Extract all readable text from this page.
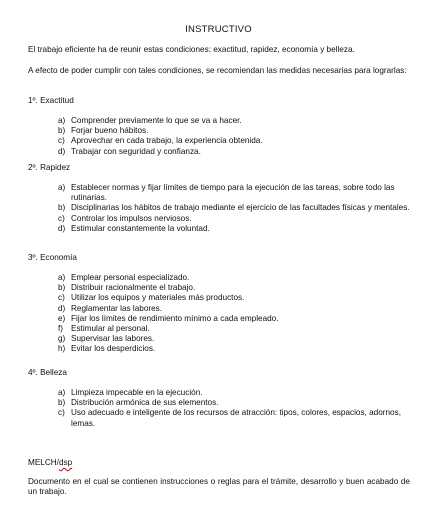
INSTRUCTIVO
El trabajo eficiente ha de reunir estas condiciones: exactitud, rapidez, economía y belleza.
A efecto de poder cumplir con tales condiciones, se recomiendan las medidas necesarias para lograrlas:
1º. Exactitud
a) Comprender previamente lo que se va a hacer.
b) Forjar bueno hábitos.
c) Aprovechar en cada trabajo, la experiencia obtenida.
d) Trabajar con seguridad y confianza.
2º. Rapidez
a) Establecer normas y fijar límites de tiempo para la ejecución de las tareas, sobre todo las rutinarias.
b) Disciplinarias los hábitos de trabajo mediante el ejercicio de las facultades físicas y mentales.
c) Controlar los impulsos nerviosos.
d) Estimular constantemente la voluntad.
3º. Economía
a) Emplear personal especializado.
b) Distribuir racionalmente el trabajo.
c) Utilizar los equipos y materiales más productos.
d) Reglamentar las labores.
e) Fijar los límites de rendimiento mínimo a cada empleado.
f) Estimular al personal.
g) Supervisar las labores.
h) Evitar los desperdicios.
4º. Belleza
a) Limpieza impecable en la ejecución.
b) Distribución armónica de sus elementos.
c) Uso adecuado e inteligente de los recursos de atracción: tipos, colores, espacios, adornos, lemas.
MELCH/dsp
Documento en el cual se contienen instrucciones o reglas para el trámite, desarrollo y buen acabado de un trabajo.
